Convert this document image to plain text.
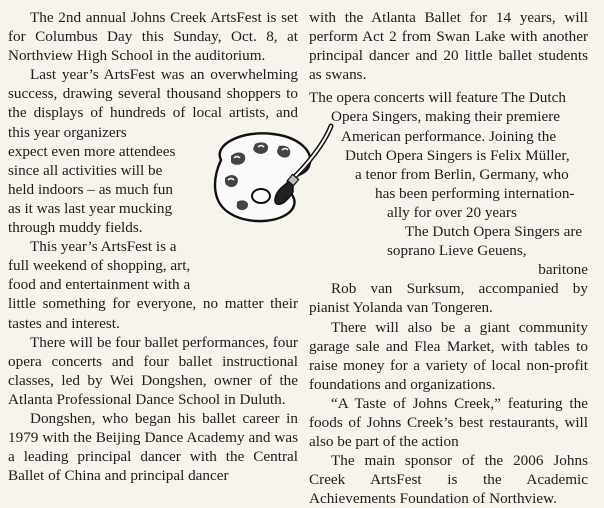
The 2nd annual Johns Creek ArtsFest is set for Columbus Day this Sunday, Oct. 8, at Northview High School in the auditorium.

Last year’s ArtsFest was an overwhelming success, drawing several thousand shoppers to the displays of hundreds of local artists, and this year organizers

expect even more attendees

since all activities will be

held indoors – as much fun

as it was last year mucking

through muddy fields.

This year’s ArtsFest is a

full weekend of shopping, art,

food and entertainment with a

little something for everyone, no matter their tastes and interest.

There will be four ballet performances, four opera concerts and four ballet instructional classes, led by Wei Dongshen, owner of the Atlanta Professional Dance School in Duluth.

Dongshen, who began his ballet career in 1979 with the Beijing Dance Academy and was a leading principal dancer with the Central Ballet of China and principal dancer

with the Atlanta Ballet for 14 years, will perform Act 2 from Swan Lake with another principal dancer and 20 little ballet students as swans.

The opera concerts will feature The Dutch

Opera Singers, making their premiere

American performance. Joining the

Dutch Opera Singers is Felix Müller,

a tenor from Berlin, Germany, who

has been performing internation-

ally for over 20 years

The Dutch Opera Singers are

soprano Lieve Geuens,

baritone

Rob van Surksum, accompanied by pianist Yolanda van Tongeren.

There will also be a giant community garage sale and Flea Market, with tables to raise money for a variety of local non-profit foundations and organizations.

“A Taste of Johns Creek,” featuring the foods of Johns Creek’s best restaurants, will also be part of the action

The main sponsor of the 2006 Johns Creek ArtsFest is the Academic Achievements Foundation of Northview.
